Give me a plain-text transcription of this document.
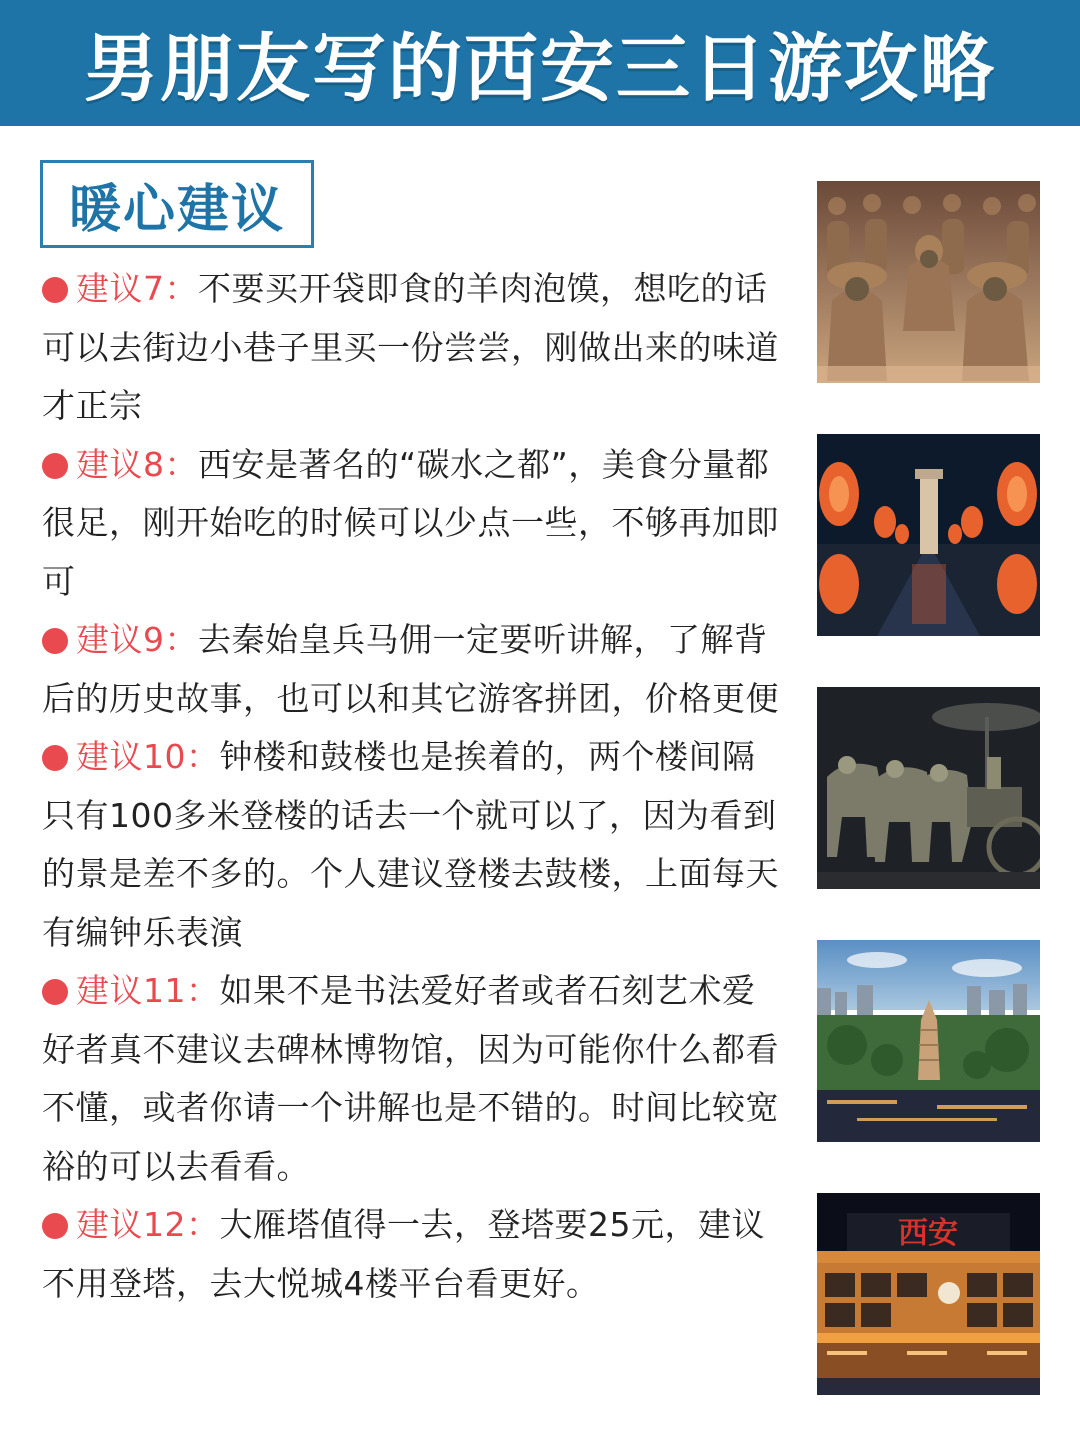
男朋友写的西安三日游攻略
暖心建议

建议7：不要买开袋即食的羊肉泡馍，想吃的话可以去街边小巷子里买一份尝尝，刚做出来的味道才正宗

建议8：西安是著名的“碳水之都”，美食分量都很足，刚开始吃的时候可以少点一些，不够再加即可

建议9：去秦始皇兵马佣一定要听讲解，了解背后的历史故事，也可以和其它游客拼团，价格更便

建议10：钟楼和鼓楼也是挨着的，两个楼间隔只有100多米登楼的话去一个就可以了，因为看到的景是差不多的。个人建议登楼去鼓楼，上面每天有编钟乐表演

建议11：如果不是书法爱好者或者石刻艺术爱好者真不建议去碑林博物馆，因为可能你什么都看不懂，或者你请一个讲解也是不错的。时间比较宽裕的可以去看看。

建议12：大雁塔值得一去，登塔要25元，建议不用登塔，去大悦城4楼平台看更好。

西安
